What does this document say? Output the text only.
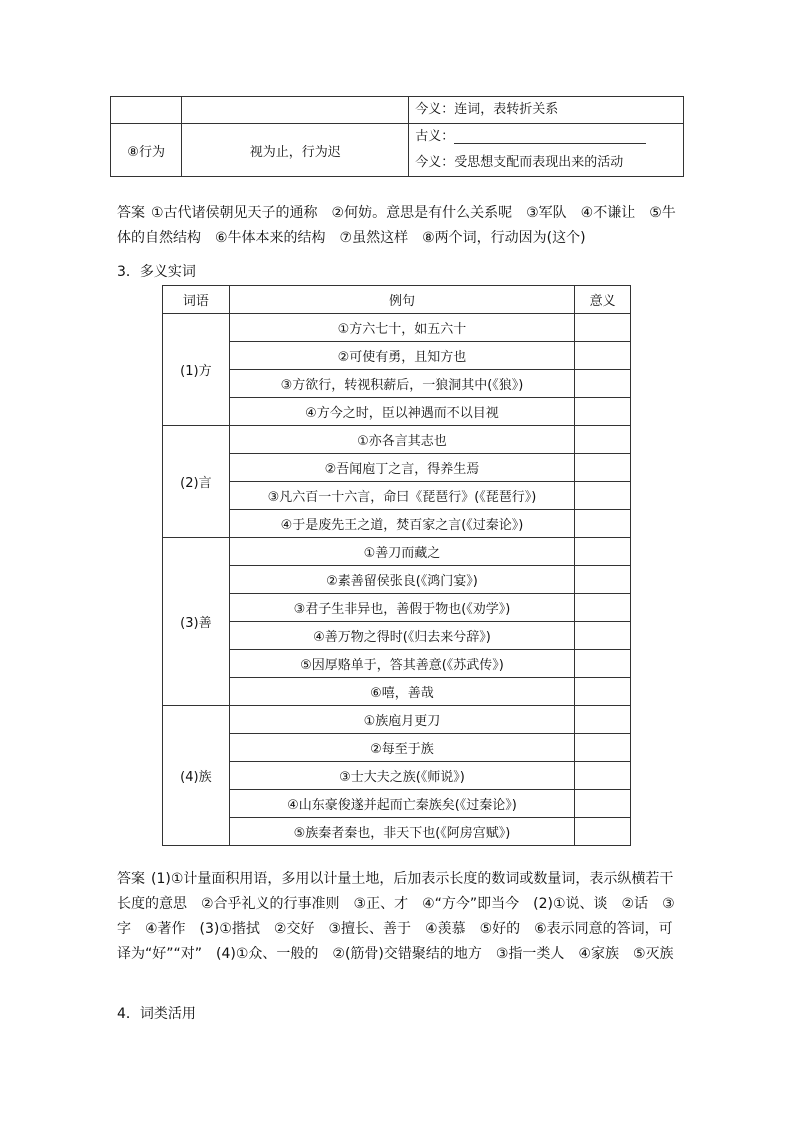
		今义：连词，表转折关系

⑧行为	视为止，行为迟	古义：
今义：受思想支配而表现出来的活动

答案 ①古代诸侯朝见天子的通称　②何妨。意思是有什么关系呢　③军队　④不谦让　⑤牛体的自然结构　⑥牛体本来的结构　⑦虽然这样　⑧两个词，行动因为(这个)

3．多义实词

词语	例句	意义
(1)方	①方六七十，如五六十	
	②可使有勇，且知方也	
	③方欲行，转视积薪后，一狼洞其中(《狼》)	
	④方今之时，臣以神遇而不以目视	
(2)言	①亦各言其志也	
	②吾闻庖丁之言，得养生焉	
	③凡六百一十六言，命曰《琵琶行》(《琵琶行》)	
	④于是废先王之道，焚百家之言(《过秦论》)	
(3)善	①善刀而藏之	
	②素善留侯张良(《鸿门宴》)	
	③君子生非异也，善假于物也(《劝学》)	
	④善万物之得时(《归去来兮辞》)	
	⑤因厚赂单于，答其善意(《苏武传》)	
	⑥嘻，善哉	
(4)族	①族庖月更刀	
	②每至于族	
	③士大夫之族(《师说》)	
	④山东豪俊遂并起而亡秦族矣(《过秦论》)	
	⑤族秦者秦也，非天下也(《阿房宫赋》)	

答案 (1)①计量面积用语，多用以计量土地，后加表示长度的数词或数量词，表示纵横若干长度的意思　②合乎礼义的行事准则　③正、才　④“方今”即当今　(2)①说、谈　②话　③字　④著作　(3)①揩拭　②交好　③擅长、善于　④羡慕　⑤好的　⑥表示同意的答词，可译为“好”“对”　(4)①众、一般的　②(筋骨)交错聚结的地方　③指一类人　④家族　⑤灭族

4．词类活用
